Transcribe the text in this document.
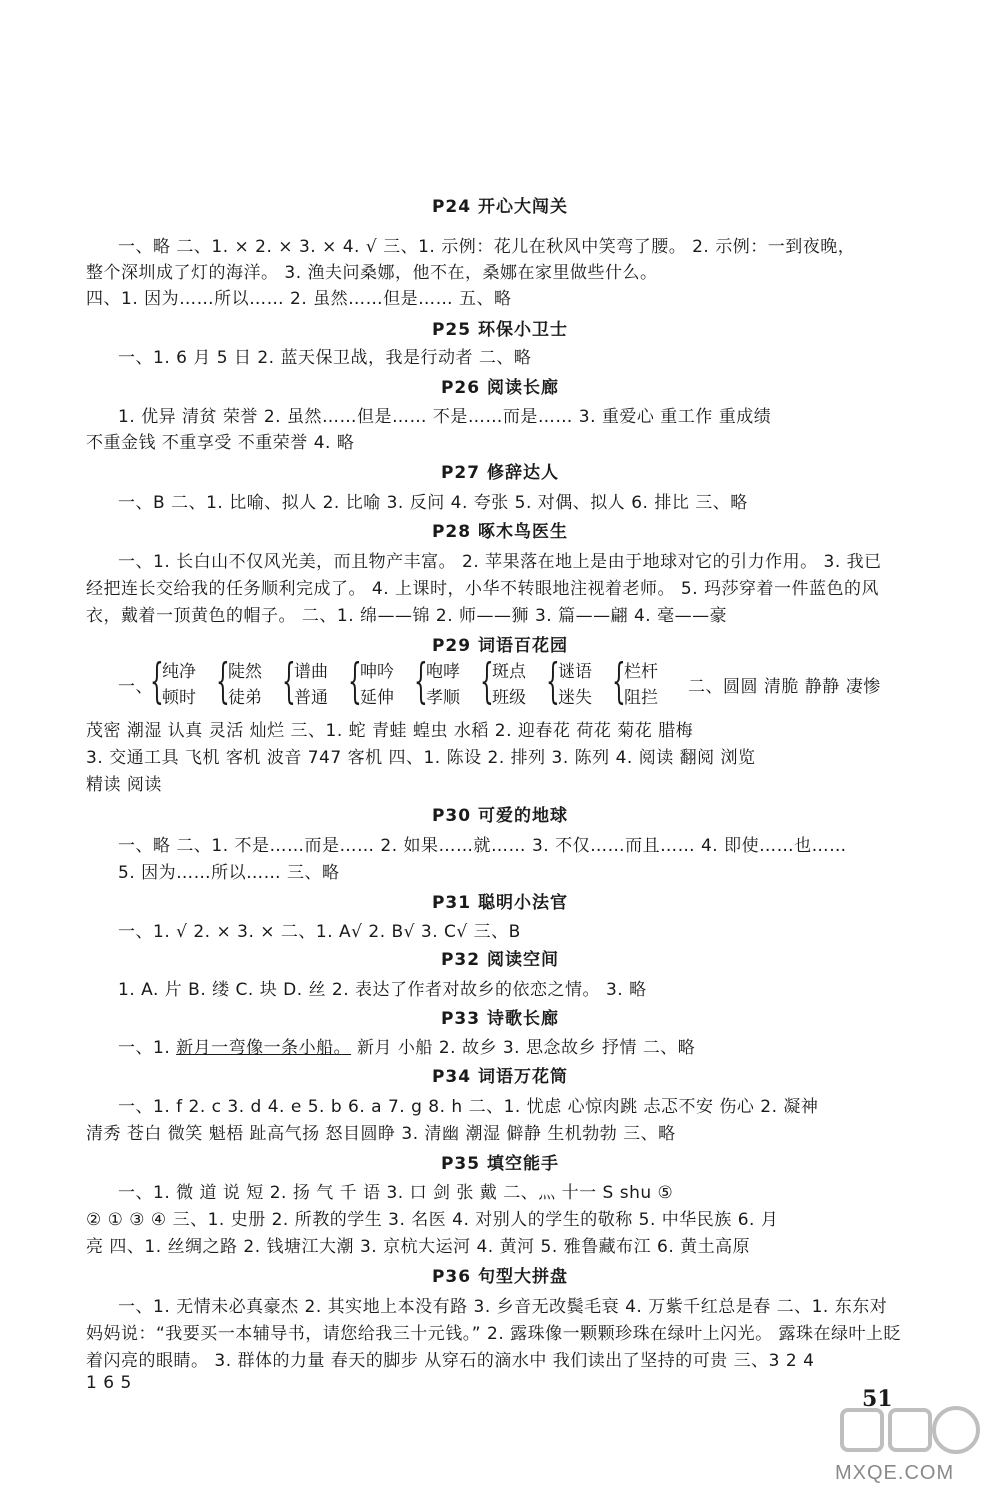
P24 开心大闯关
一、略 二、1. × 2. × 3. × 4. √ 三、1. 示例：花儿在秋风中笑弯了腰。 2. 示例：一到夜晚，
整个深圳成了灯的海洋。 3. 渔夫问桑娜，他不在，桑娜在家里做些什么。
四、1. 因为……所以…… 2. 虽然……但是…… 五、略
P25 环保小卫士
一、1. 6 月 5 日 2. 蓝天保卫战，我是行动者 二、略
P26 阅读长廊
1. 优异 清贫 荣誉 2. 虽然……但是…… 不是……而是…… 3. 重爱心 重工作 重成绩
不重金钱 不重享受 不重荣誉 4. 略
P27 修辞达人
一、B 二、1. 比喻、拟人 2. 比喻 3. 反问 4. 夸张 5. 对偶、拟人 6. 排比 三、略
P28 啄木鸟医生
一、1. 长白山不仅风光美，而且物产丰富。 2. 苹果落在地上是由于地球对它的引力作用。 3. 我已
经把连长交给我的任务顺利完成了。 4. 上课时，小华不转眼地注视着老师。 5. 玛莎穿着一件蓝色的风
衣，戴着一顶黄色的帽子。 二、1. 绵——锦 2. 师——狮 3. 篇——翩 4. 毫——豪
P29 词语百花园
一、
{
纯净
顿时 {
陡然
徒弟 {
谱曲
普通 {
呻吟
延伸 {
咆哮
孝顺 {
斑点
班级 {
谜语
迷失 {
栏杆
阻拦
二、圆圆 清脆 静静 凄惨
茂密 潮湿 认真 灵活 灿烂 三、1. 蛇 青蛙 蝗虫 水稻 2. 迎春花 荷花 菊花 腊梅
3. 交通工具 飞机 客机 波音 747 客机 四、1. 陈设 2. 排列 3. 陈列 4. 阅读 翻阅 浏览
精读 阅读
P30 可爱的地球
一、略 二、1. 不是……而是…… 2. 如果……就…… 3. 不仅……而且…… 4. 即使……也……
5. 因为……所以…… 三、略
P31 聪明小法官
一、1. √ 2. × 3. × 二、1. A√ 2. B√ 3. C√ 三、B
P32 阅读空间
1. A. 片 B. 缕 C. 块 D. 丝 2. 表达了作者对故乡的依恋之情。 3. 略
P33 诗歌长廊
一、1. 新月一弯像一条小船。 新月 小船 2. 故乡 3. 思念故乡 抒情 二、略
P34 词语万花筒
一、1. f 2. c 3. d 4. e 5. b 6. a 7. g 8. h 二、1. 忧虑 心惊肉跳 忐忑不安 伤心 2. 凝神
清秀 苍白 微笑 魁梧 趾高气扬 怒目圆睁 3. 清幽 潮湿 僻静 生机勃勃 三、略
P35 填空能手
一、1. 微 道 说 短 2. 扬 气 千 语 3. 口 剑 张 戴 二、灬 十一 S shu ⑤
② ① ③ ④ 三、1. 史册 2. 所教的学生 3. 名医 4. 对别人的学生的敬称 5. 中华民族 6. 月
亮 四、1. 丝绸之路 2. 钱塘江大潮 3. 京杭大运河 4. 黄河 5. 雅鲁藏布江 6. 黄土高原
P36 句型大拼盘
一、1. 无情未必真豪杰 2. 其实地上本没有路 3. 乡音无改鬓毛衰 4. 万紫千红总是春 二、1. 东东对
妈妈说：“我要买一本辅导书，请您给我三十元钱。” 2. 露珠像一颗颗珍珠在绿叶上闪光。 露珠在绿叶上眨
着闪亮的眼睛。 3. 群体的力量 春天的脚步 从穿石的滴水中 我们读出了坚持的可贵 三、3 2 4
1 6 5
51
MXQE.COM
